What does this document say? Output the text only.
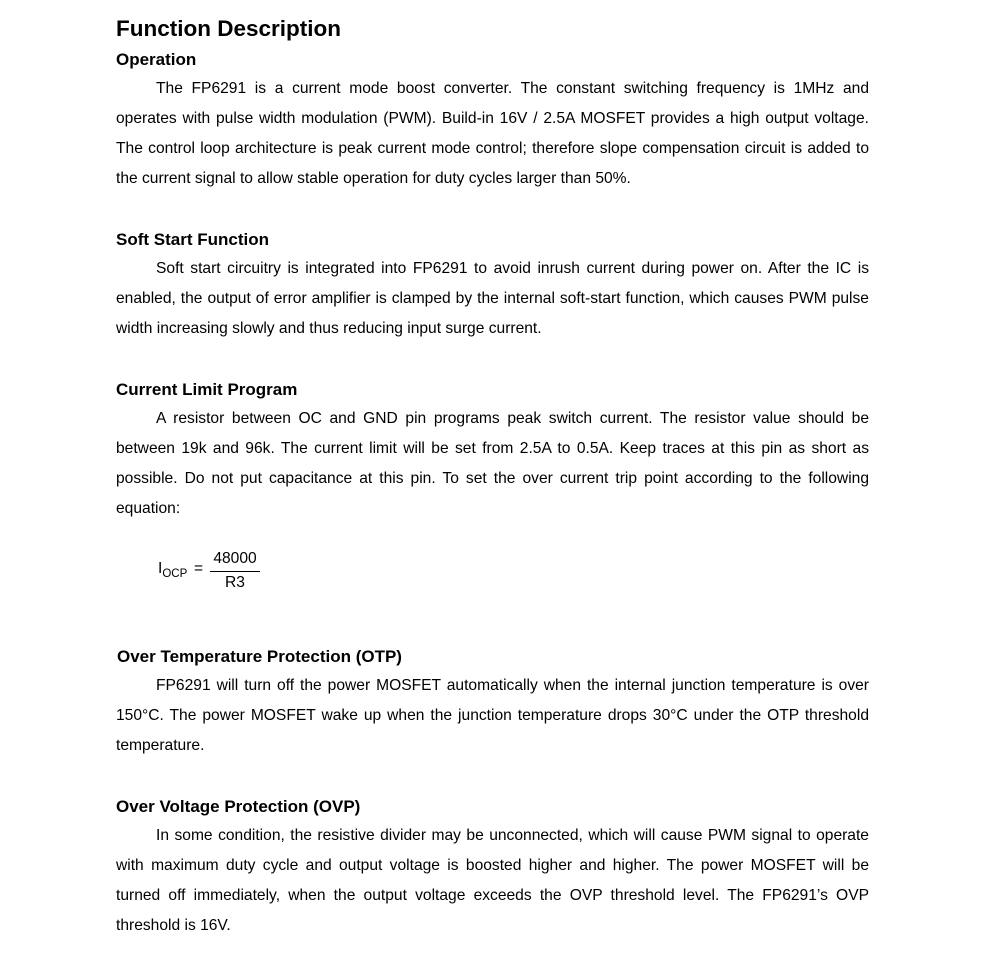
Function Description
Operation

The FP6291 is a current mode boost converter. The constant switching frequency is 1MHz and operates with pulse width modulation (PWM). Build-in 16V / 2.5A MOSFET provides a high output voltage. The control loop architecture is peak current mode control; therefore slope compensation circuit is added to the current signal to allow stable operation for duty cycles larger than 50%.

Soft Start Function

Soft start circuitry is integrated into FP6291 to avoid inrush current during power on. After the IC is enabled, the output of error amplifier is clamped by the internal soft-start function, which causes PWM pulse width increasing slowly and thus reducing input surge current.

Current Limit Program

A resistor between OC and GND pin programs peak switch current. The resistor value should be between 19k and 96k. The current limit will be set from 2.5A to 0.5A. Keep traces at this pin as short as possible. Do not put capacitance at this pin. To set the over current trip point according to the following equation:

$I_{OCP} = \frac{48000}{R3}$
Over Temperature Protection (OTP)

FP6291 will turn off the power MOSFET automatically when the internal junction temperature is over 150°C. The power MOSFET wake up when the junction temperature drops 30°C under the OTP threshold temperature.

Over Voltage Protection (OVP)

In some condition, the resistive divider may be unconnected, which will cause PWM signal to operate with maximum duty cycle and output voltage is boosted higher and higher. The power MOSFET will be turned off immediately, when the output voltage exceeds the OVP threshold level. The FP6291’s OVP threshold is 16V.
